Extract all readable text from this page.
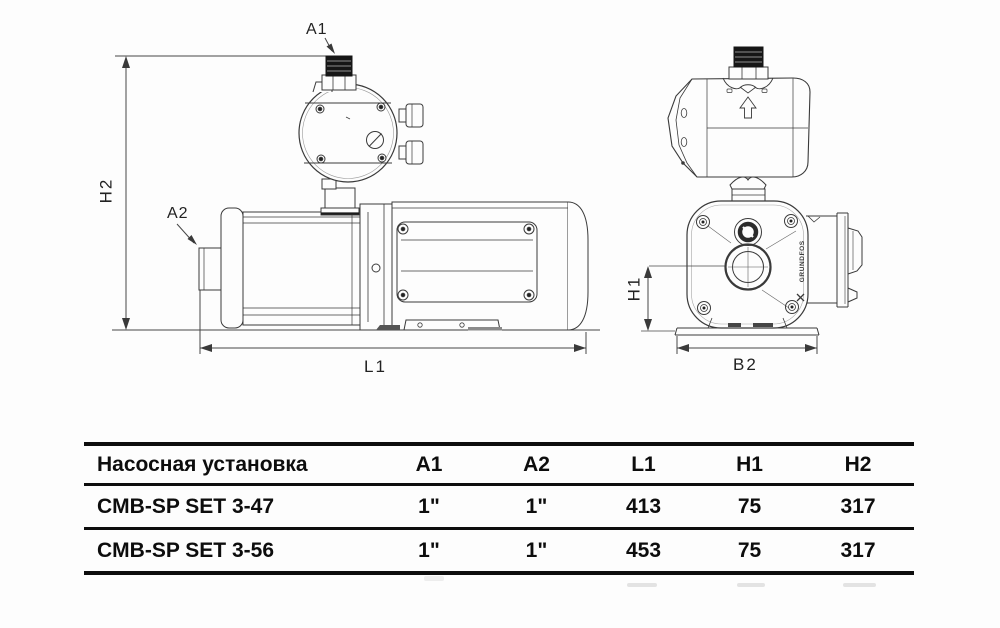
A1
A2
H2
L1
H1
B2
GRUNDFOS
Насосная установка	A1	A2	L1	H1	H2
CMB-SP SET 3-47	1"	1"	413	75	317
CMB-SP SET 3-56	1"	1"	453	75	317
